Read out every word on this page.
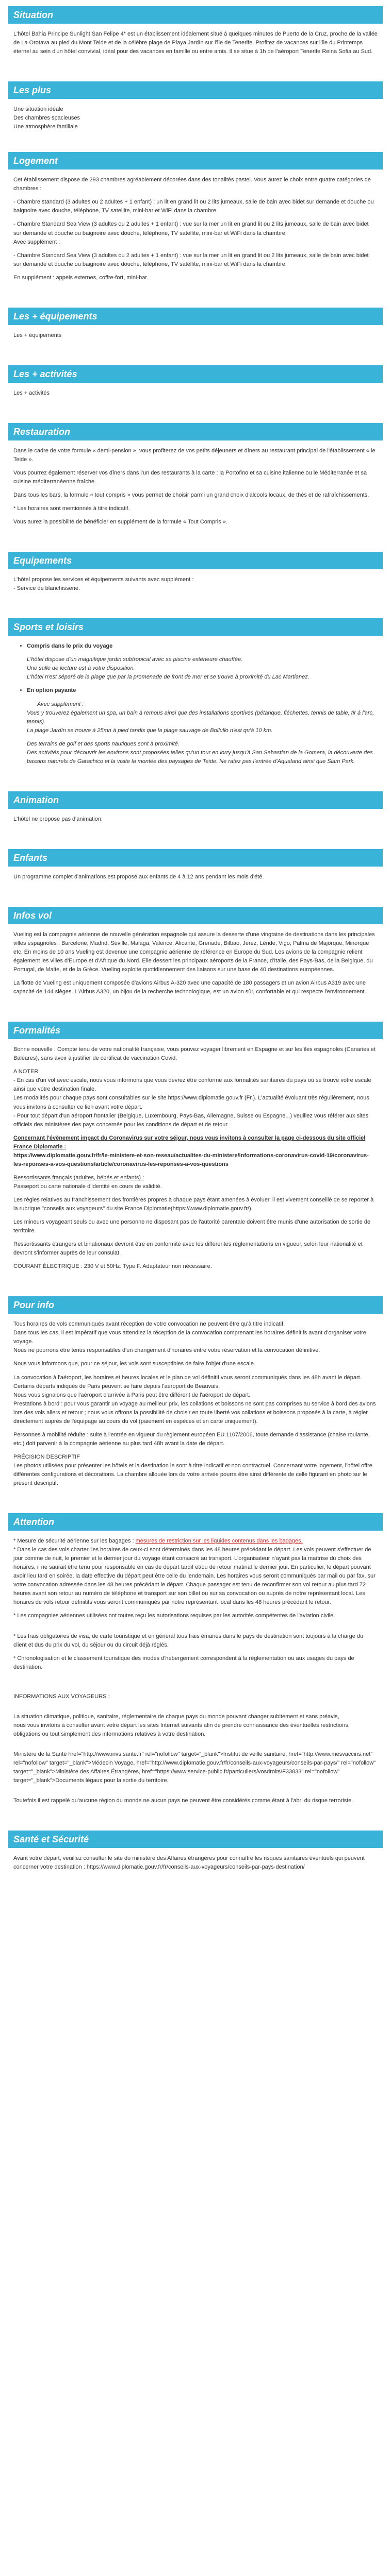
Situation

L'hôtel Bahia Principe Sunlight San Felipe 4* est un établissement idéalement situé à quelques minutes de Puerto de la Cruz, proche de la vallée de La Orotava au pied du Mont Teide et de la célèbre plage de Playa Jardín sur l'île de Tenerife. Profitez de vacances sur l'île du Printemps éternel au sein d'un hôtel convivial, idéal pour des vacances en famille ou entre amis. Il se situe à 1h de l'aéroport Tenerife Reina Sofia au Sud.

Les plus

Une situation idéale

Des chambres spacieuses

Une atmosphère familiale

Logement

Cet établissement dispose de 293 chambres agréablement décorées dans des tonalités pastel. Vous aurez le choix entre quatre catégories de chambres :

- Chambre standard (3 adultes ou 2 adultes + 1 enfant) : un lit en grand lit ou 2 lits jumeaux, salle de bain avec bidet sur demande et douche ou baignoire avec douche, téléphone, TV satellite, mini-bar et WiFi dans la chambre.

- Chambre Standard Sea View (3 adultes ou 2 adultes + 1 enfant) : vue sur la mer un lit en grand lit ou 2 lits jumeaux, salle de bain avec bidet sur demande et douche ou baignoire avec douche, téléphone, TV satellite, mini-bar et WiFi dans la chambre.

Avec supplément :

- Chambre Standard Sea View (3 adultes ou 2 adultes + 1 enfant) : vue sur la mer un lit en grand lit ou 2 lits jumeaux, salle de bain avec bidet sur demande et douche ou baignoire avec douche, téléphone, TV satellite, mini-bar et WiFi dans la chambre.

En supplément : appels externes, coffre-fort, mini-bar.

Les + équipements

Les + équipements

Les + activités

Les + activités

Restauration

Dans le cadre de votre formule « demi-pension », vous profiterez de vos petits déjeuners et dîners au restaurant principal de l'établissement « le Teide ».

Vous pourrez également réserver vos dîners dans l'un des restaurants à la carte : la Portofino et sa cuisine italienne ou le Méditerranée et sa cuisine méditerranéenne fraîche.

Dans tous les bars, la formule « tout compris » vous permet de choisir parmi un grand choix d'alcools locaux, de thés et de rafraîchissements.

* Les horaires sont mentionnés à titre indicatif.

Vous aurez la possibilité de bénéficier en supplément de la formule « Tout Compris ».

Equipements

L'hôtel propose les services et équipements suivants avec supplément :

- Service de blanchisserie.

Sports et loisirs
• Compris dans le prix du voyage

L'hôtel dispose d'un magnifique jardin subtropical avec sa piscine extérieure chauffée.

Une salle de lecture est à votre disposition.

L'hôtel n'est séparé de la plage que par la promenade de front de mer et se trouve à proximité du Lac Martianez.

• En option payante

Avec supplément :

Vous y trouverez également un spa, un bain à remous ainsi que des installations sportives (pétanque, fléchettes, tennis de table, tir à l'arc, tennis).

La plage Jardín se trouve à 25mn à pied tandis que la plage sauvage de Bollullo n'est qu'à 10 km.

Des terrains de golf et des sports nautiques sont à proximité.

Des activités pour découvrir les environs sont proposées telles qu'un tour en lorry jusqu'à San Sebastian de la Gomera, la découverte des bassins naturels de Garachico et la visite la montée des paysages de Teide. Ne ratez pas l'entrée d'Aqualand ainsi que Siam Park.

Animation

L'hôtel ne propose pas d'animation.

Enfants

Un programme complet d'animations est proposé aux enfants de 4 à 12 ans pendant les mois d'été.

Infos vol

Vueling est la compagnie aérienne de nouvelle génération espagnole qui assure la desserte d'une vingtaine de destinations dans les principales villes espagnoles : Barcelone, Madrid, Séville, Malaga, Valence, Alicante, Grenade, Bilbao, Jerez, Léride, Vigo, Palma de Majorque, Minorque etc. En moins de 10 ans Vueling est devenue une compagnie aérienne de référence en Europe du Sud. Les avions de la compagnie relient également les villes d'Europe et d'Afrique du Nord. Elle dessert les principaux aéroports de la France, d'Italie, des Pays-Bas, de la Belgique, du Portugal, de Malte, et de la Grèce. Vueling exploite quotidiennement des liaisons sur une base de 40 destinations européennes.

La flotte de Vueling est uniquement composée d'avions Airbus A-320 avec une capacité de 180 passagers et un avion Airbus A319 avec une capacité de 144 sièges. L'Airbus A320, un bijou de la recherche technologique, est un avion sûr, confortable et qui respecte l'environnement.

Formalités

Bonne nouvelle : Compte tenu de votre nationalité française, vous pouvez voyager librement en Espagne et sur les îles espagnoles (Canaries et Baléares), sans avoir à justifier de certificat de vaccination Covid.

A NOTER

- En cas d'un vol avec escale, nous vous informons que vous devrez être conforme aux formalités sanitaires du pays où se trouve votre escale ainsi que votre destination finale.

Les modalités pour chaque pays sont consultables sur le site https://www.diplomatie.gouv.fr (Fr.). L'actualité évoluant très régulièrement, nous vous invitons à consulter ce lien avant votre départ.

- Pour tout départ d'un aéroport frontalier (Belgique, Luxembourg, Pays-Bas, Allemagne, Suisse ou Espagne...) veuillez vous référer aux sites officiels des ministères des pays concernés pour les conditions de départ et de retour.

Concernant l'évènement impact du Coronavirus sur votre séjour, nous vous invitons à consulter la page ci-dessous du site officiel France Diplomatie :

https://www.diplomatie.gouv.fr/fr/le-ministere-et-son-reseau/actualites-du-ministere/informations-coronavirus-covid-19/coronavirus-les-reponses-a-vos-questions/article/coronavirus-les-reponses-a-vos-questions

Ressortissants français (adultes, bébés et enfants) :

Passeport ou carte nationale d'identité en cours de validité.

Les règles relatives au franchissement des frontières propres à chaque pays étant amenées à évoluer, il est vivement conseillé de se reporter à la rubrique "conseils aux voyageurs" du site France Diplomatie(https://www.diplomatie.gouv.fr/).

Les mineurs voyageant seuls ou avec une personne ne disposant pas de l'autorité parentale doivent être munis d'une autorisation de sortie de territoire.

Ressortissants étrangers et binationaux devront être en conformité avec les différentes réglementations en vigueur, selon leur nationalité et devront s'informer auprès de leur consulat.

COURANT ÉLECTRIQUE : 230 V et 50Hz. Type F. Adaptateur non nécessaire.

Pour info

Tous horaires de vols communiqués avant réception de votre convocation ne peuvent être qu'à titre indicatif.

Dans tous les cas, il est impératif que vous attendiez la réception de la convocation comprenant les horaires définitifs avant d'organiser votre voyage.

Nous ne pourrons être tenus responsables d'un changement d'horaires entre votre réservation et la convocation définitive.

Nous vous informons que, pour ce séjour, les vols sont susceptibles de faire l'objet d'une escale.

La convocation à l'aéroport, les horaires et heures locales et le plan de vol définitif vous seront communiqués dans les 48h avant le départ.

Certains départs indiqués de Paris peuvent se faire depuis l'aéroport de Beauvais.

Nous vous signalons que l'aéroport d'arrivée à Paris peut être différent de l'aéroport de départ.

Prestations à bord : pour vous garantir un voyage au meilleur prix, les collations et boissons ne sont pas comprises au service à bord des avions lors des vols allers et retour ; nous vous offrons la possibilité de choisir en toute liberté vos collations et boissons proposés à la carte, à régler directement auprès de l'équipage au cours du vol (paiement en espèces et en carte uniquement).

Personnes à mobilité réduite : suite à l'entrée en vigueur du règlement européen EU 1107/2006, toute demande d'assistance (chaise roulante, etc.) doit parvenir à la compagnie aérienne au plus tard 48h avant la date de départ.

PRÉCISION DESCRIPTIF

Les photos utilisées pour présenter les hôtels et la destination le sont à titre indicatif et non contractuel. Concernant votre logement, l'hôtel offre différentes configurations et décorations. La chambre allouée lors de votre arrivée pourra être ainsi différente de celle figurant en photo sur le présent descriptif.

Attention

* Mesure de sécurité aérienne sur les bagages : mesures de restriction sur les liquides contenus dans les bagages.

* Dans le cas des vols charter, les horaires de ceux-ci sont déterminés dans les 48 heures précédant le départ. Les vols peuvent s'effectuer de jour comme de nuit, le premier et le dernier jour du voyage étant consacré au transport. L'organisateur n'ayant pas la maîtrise du choix des horaires, il ne saurait être tenu pour responsable en cas de départ tardif et/ou de retour matinal le dernier jour. En particulier, le départ pouvant avoir lieu tard en soirée, la date effective du départ peut être celle du lendemain. Les horaires vous seront communiqués par mail ou par fax, sur votre convocation adressée dans les 48 heures précédant le départ. Chaque passager est tenu de reconfirmer son vol retour au plus tard 72 heures avant son retour au numéro de téléphone et transport sur son billet ou sur sa convocation ou auprès de notre représentant local. Les horaires de vols retour définitifs vous seront communiqués par notre représentant local dans les 48 heures précédant le retour.

* Les compagnies aériennes utilisées ont toutes reçu les autorisations requises par les autorités compétentes de l'aviation civile.

* Les frais obligatoires de visa, de carte touristique et en général tous frais émanés dans le pays de destination sont toujours à la charge du client et dus du prix du vol, du séjour ou du circuit déjà réglés.

* Chronologisation et le classement touristique des modes d'hébergement correspondent à la réglementation ou aux usages du pays de destination.

INFORMATIONS AUX VOYAGEURS :

La situation climatique, politique, sanitaire, réglementaire de chaque pays du monde pouvant changer subitement et sans préavis,

nous vous invitons à consulter avant votre départ les sites Internet suivants afin de prendre connaissance des éventuelles restrictions, obligations ou tout simplement des informations relatives à votre destination.

Ministère de la Santé href="http://www.invs.sante.fr" rel="nofollow" target="_blank">Institut de veille sanitaire, href="http://www.mesvaccins.net" rel="nofollow" target="_blank">Médecin Voyage, href="http://www.diplomatie.gouv.fr/fr/conseils-aux-voyageurs/conseils-par-pays/" rel="nofollow" target="_blank">Ministère des Affaires Étrangères, href="https://www.service-public.fr/particuliers/vosdroits/F33833" rel="nofollow" target="_blank">Documents légaux pour la sortie du territoire.

Toutefois il est rappelé qu'aucune région du monde ne aucun pays ne peuvent être considérés comme étant à l'abri du risque terroriste.

Santé et Sécurité

Avant votre départ, veuillez consulter le site du ministère des Affaires étrangères pour connaître les risques sanitaires éventuels qui peuvent concerner votre destination : https://www.diplomatie.gouv.fr/fr/conseils-aux-voyageurs/conseils-par-pays-destination/
